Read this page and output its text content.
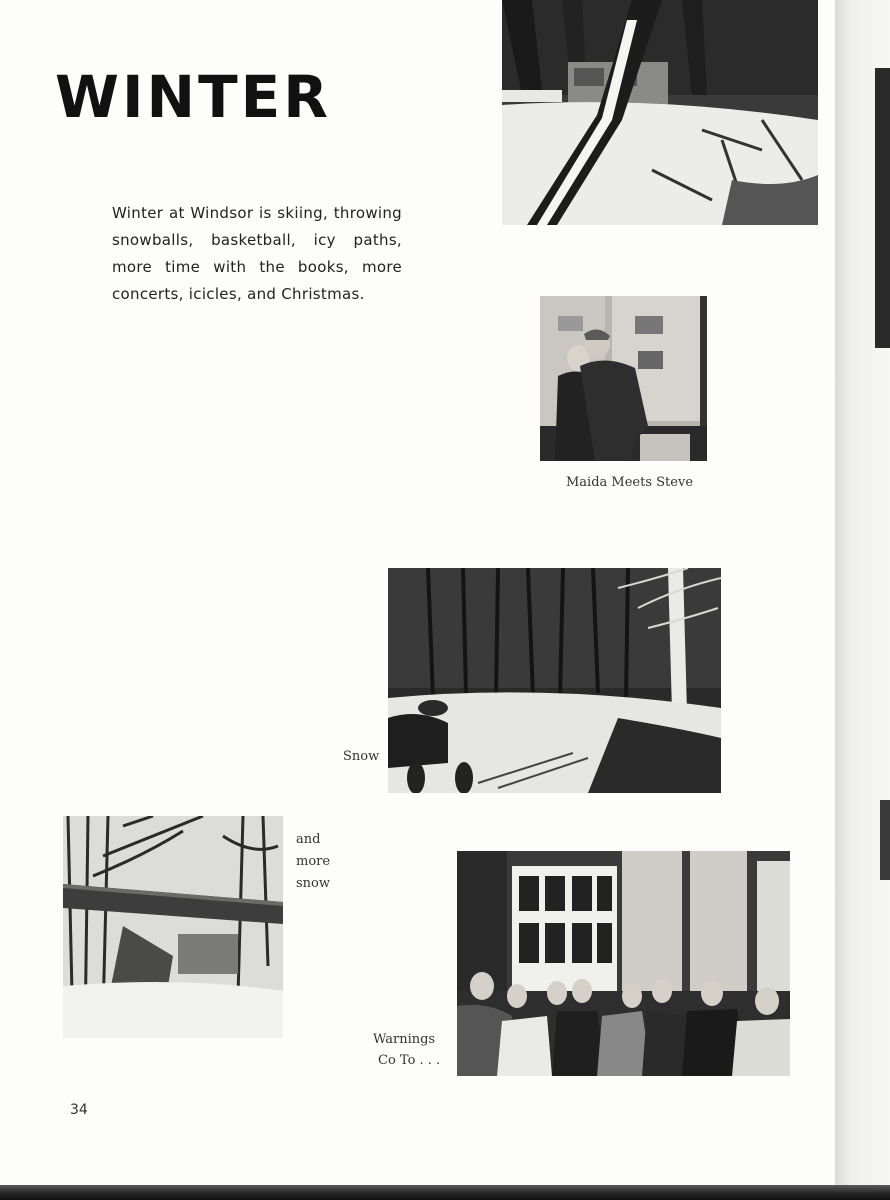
WINTER

Winter at Windsor is skiing, throwing snowballs, basketball, icy paths, more time with the books, more concerts, icicles, and Christmas.

Maida Meets Steve

Snow

and

more

snow

Warnings

Co To . . .

34
